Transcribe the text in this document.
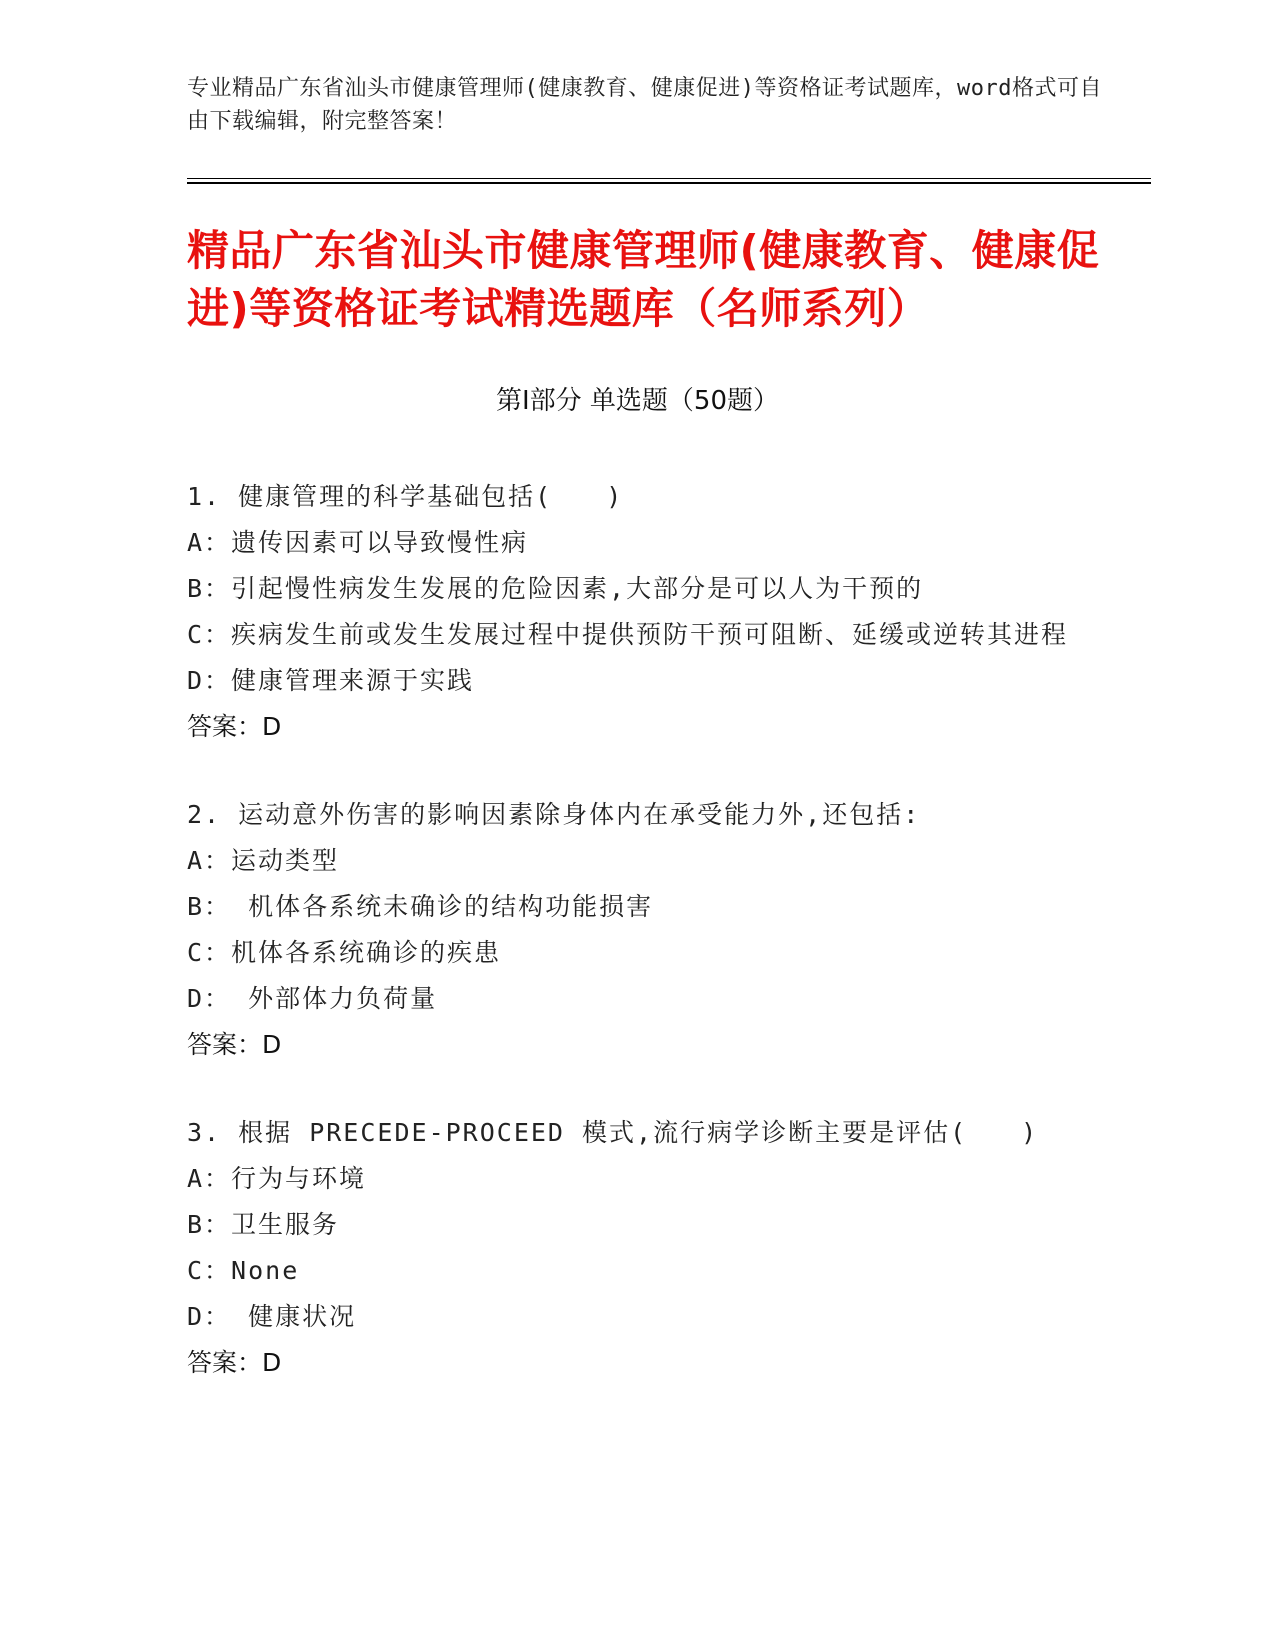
专业精品广东省汕头市健康管理师(健康教育、健康促进)等资格证考试题库，word格式可自由下载编辑，附完整答案！
精品广东省汕头市健康管理师(健康教育、健康促进)等资格证考试精选题库（名师系列）
第Ⅰ部分 单选题（50题）
1. 健康管理的科学基础包括(　　)
A：遗传因素可以导致慢性病
B：引起慢性病发生发展的危险因素,大部分是可以人为干预的
C：疾病发生前或发生发展过程中提供预防干预可阻断、延缓或逆转其进程
D：健康管理来源于实践
答案：D
2. 运动意外伤害的影响因素除身体内在承受能力外,还包括:
A：运动类型
B： 机体各系统未确诊的结构功能损害
C：机体各系统确诊的疾患
D： 外部体力负荷量
答案：D
3. 根据 PRECEDE-PROCEED 模式,流行病学诊断主要是评估(　　)
A：行为与环境
B：卫生服务
C：None
D： 健康状况
答案：D
